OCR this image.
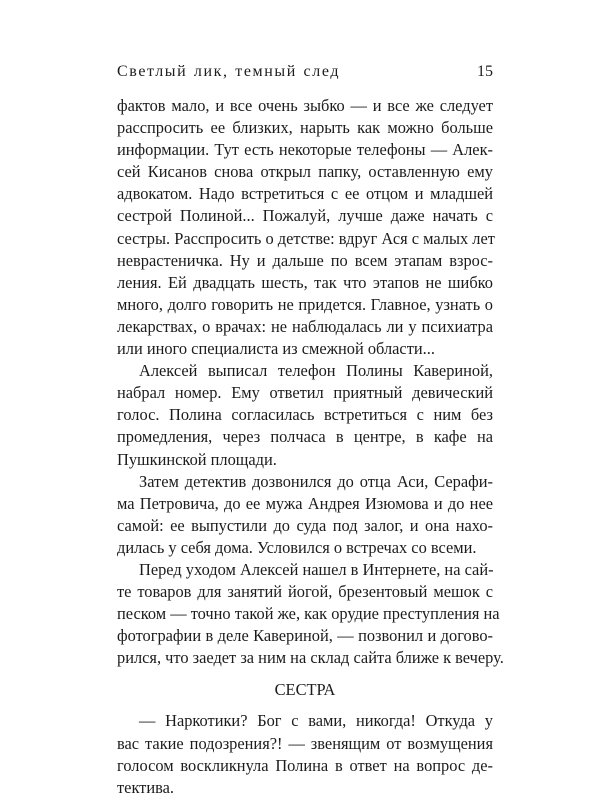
Светлый лик, темный след	15
фактов мало, и все очень зыбко — и все же следует
расспросить ее близких, нарыть как можно больше
информации. Тут есть некоторые телефоны — Алек-
сей Кисанов снова открыл папку, оставленную ему
адвокатом. Надо встретиться с ее отцом и младшей
сестрой Полиной... Пожалуй, лучше даже начать с
сестры. Расспросить о детстве: вдруг Ася с малых лет
неврастеничка. Ну и дальше по всем этапам взрос-
ления. Ей двадцать шесть, так что этапов не шибко
много, долго говорить не придется. Главное, узнать о
лекарствах, о врачах: не наблюдалась ли у психиатра
или иного специалиста из смежной области...
Алексей выписал телефон Полины Кавериной,
набрал номер. Ему ответил приятный девический
голос. Полина согласилась встретиться с ним без
промедления, через полчаса в центре, в кафе на
Пушкинской площади.
Затем детектив дозвонился до отца Аси, Серафи-
ма Петровича, до ее мужа Андрея Изюмова и до нее
самой: ее выпустили до суда под залог, и она нахо-
дилась у себя дома. Условился о встречах со всеми.
Перед уходом Алексей нашел в Интернете, на сай-
те товаров для занятий йогой, брезентовый мешок с
песком — точно такой же, как орудие преступления на
фотографии в деле Кавериной, — позвонил и догово-
рился, что заедет за ним на склад сайта ближе к вечеру.
СЕСТРА
— Наркотики? Бог с вами, никогда! Откуда у
вас такие подозрения?! — звенящим от возмущения
голосом воскликнула Полина в ответ на вопрос де-
тектива.
